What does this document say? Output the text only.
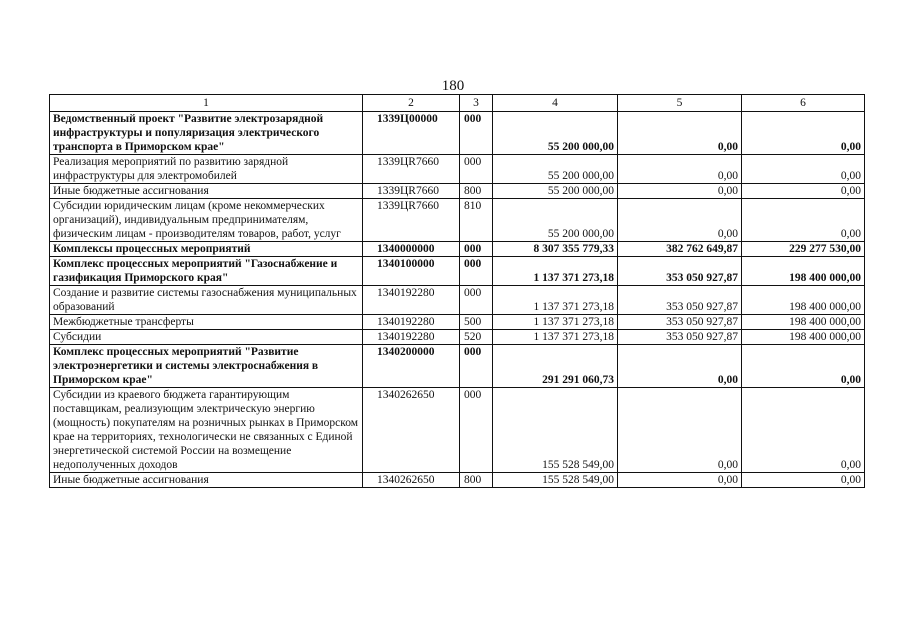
180
1	2	3	4	5	6
Ведомственный проект "Развитие электрозарядной инфраструктуры и популяризация электрического транспорта в Приморском крае"	1339Ц00000	000	55 200 000,00	0,00	0,00
Реализация мероприятий по развитию зарядной инфраструктуры для электромобилей	1339ЦR7660	000	55 200 000,00	0,00	0,00
Иные бюджетные ассигнования	1339ЦR7660	800	55 200 000,00	0,00	0,00
Субсидии юридическим лицам (кроме некоммерческих организаций), индивидуальным предпринимателям, физическим лицам - производителям товаров, работ, услуг	1339ЦR7660	810	55 200 000,00	0,00	0,00
Комплексы процессных мероприятий	1340000000	000	8 307 355 779,33	382 762 649,87	229 277 530,00
Комплекс процессных мероприятий "Газоснабжение и газификация Приморского края"	1340100000	000	1 137 371 273,18	353 050 927,87	198 400 000,00
Создание и развитие системы газоснабжения муниципальных образований	1340192280	000	1 137 371 273,18	353 050 927,87	198 400 000,00
Межбюджетные трансферты	1340192280	500	1 137 371 273,18	353 050 927,87	198 400 000,00
Субсидии	1340192280	520	1 137 371 273,18	353 050 927,87	198 400 000,00
Комплекс процессных мероприятий "Развитие электроэнергетики и системы электроснабжения в Приморском крае"	1340200000	000	291 291 060,73	0,00	0,00
Субсидии из краевого бюджета гарантирующим поставщикам, реализующим электрическую энергию (мощность) покупателям на розничных рынках в Приморском крае на территориях, технологически не связанных с Единой энергетической системой России на возмещение недополученных доходов	1340262650	000	155 528 549,00	0,00	0,00
Иные бюджетные ассигнования	1340262650	800	155 528 549,00	0,00	0,00
